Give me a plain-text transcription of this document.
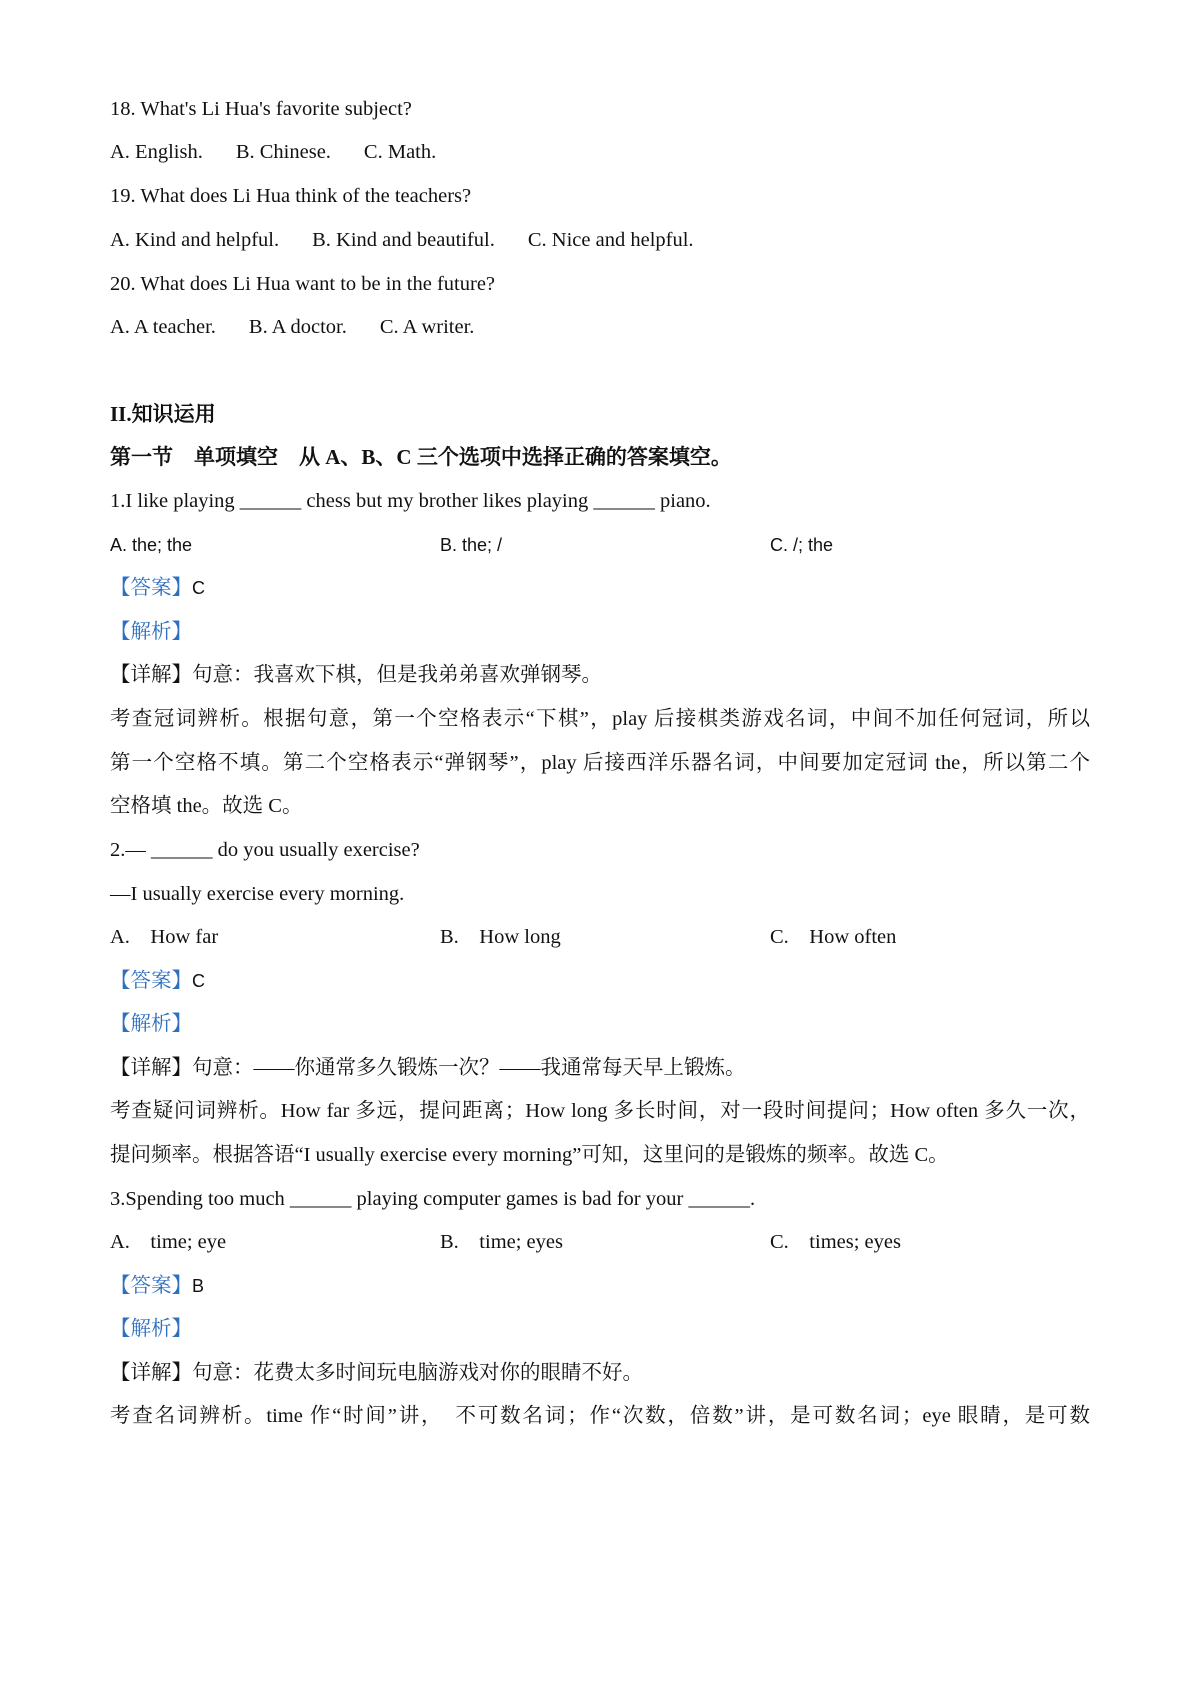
18. What's Li Hua's favorite subject?

A. English. B. Chinese. C. Math.

19. What does Li Hua think of the teachers?

A. Kind and helpful. B. Kind and beautiful. C. Nice and helpful.

20. What does Li Hua want to be in the future?

A. A teacher. B. A doctor. C. A writer.

II.知识运用

第一节　单项填空　从 A、B、C 三个选项中选择正确的答案填空。

1.I like playing ______ chess but my brother likes playing ______ piano.

A. the; the	B. the; /	C. /; the

【答案】C

【解析】

【详解】句意：我喜欢下棋，但是我弟弟喜欢弹钢琴。

考查冠词辨析。根据句意，第一个空格表示“下棋”，play 后接棋类游戏名词，中间不加任何冠词，所以

第一个空格不填。第二个空格表示“弹钢琴”，play 后接西洋乐器名词，中间要加定冠词 the，所以第二个

空格填 the。故选 C。

2.— ______ do you usually exercise?

—I usually exercise every morning.

A.　How far	B.　How long	C.　How often

【答案】C

【解析】

【详解】句意：——你通常多久锻炼一次？——我通常每天早上锻炼。

考查疑问词辨析。How far 多远，提问距离；How long 多长时间，对一段时间提问；How often 多久一次，

提问频率。根据答语“I usually exercise every morning”可知，这里问的是锻炼的频率。故选 C。

3.Spending too much ______ playing computer games is bad for your ______.

A.　time; eye	B.　time; eyes	C.　times; eyes

【答案】B

【解析】

【详解】句意：花费太多时间玩电脑游戏对你的眼睛不好。

考查名词辨析。time 作“时间”讲，　不可数名词；作“次数，倍数”讲，是可数名词；eye 眼睛，是可数
